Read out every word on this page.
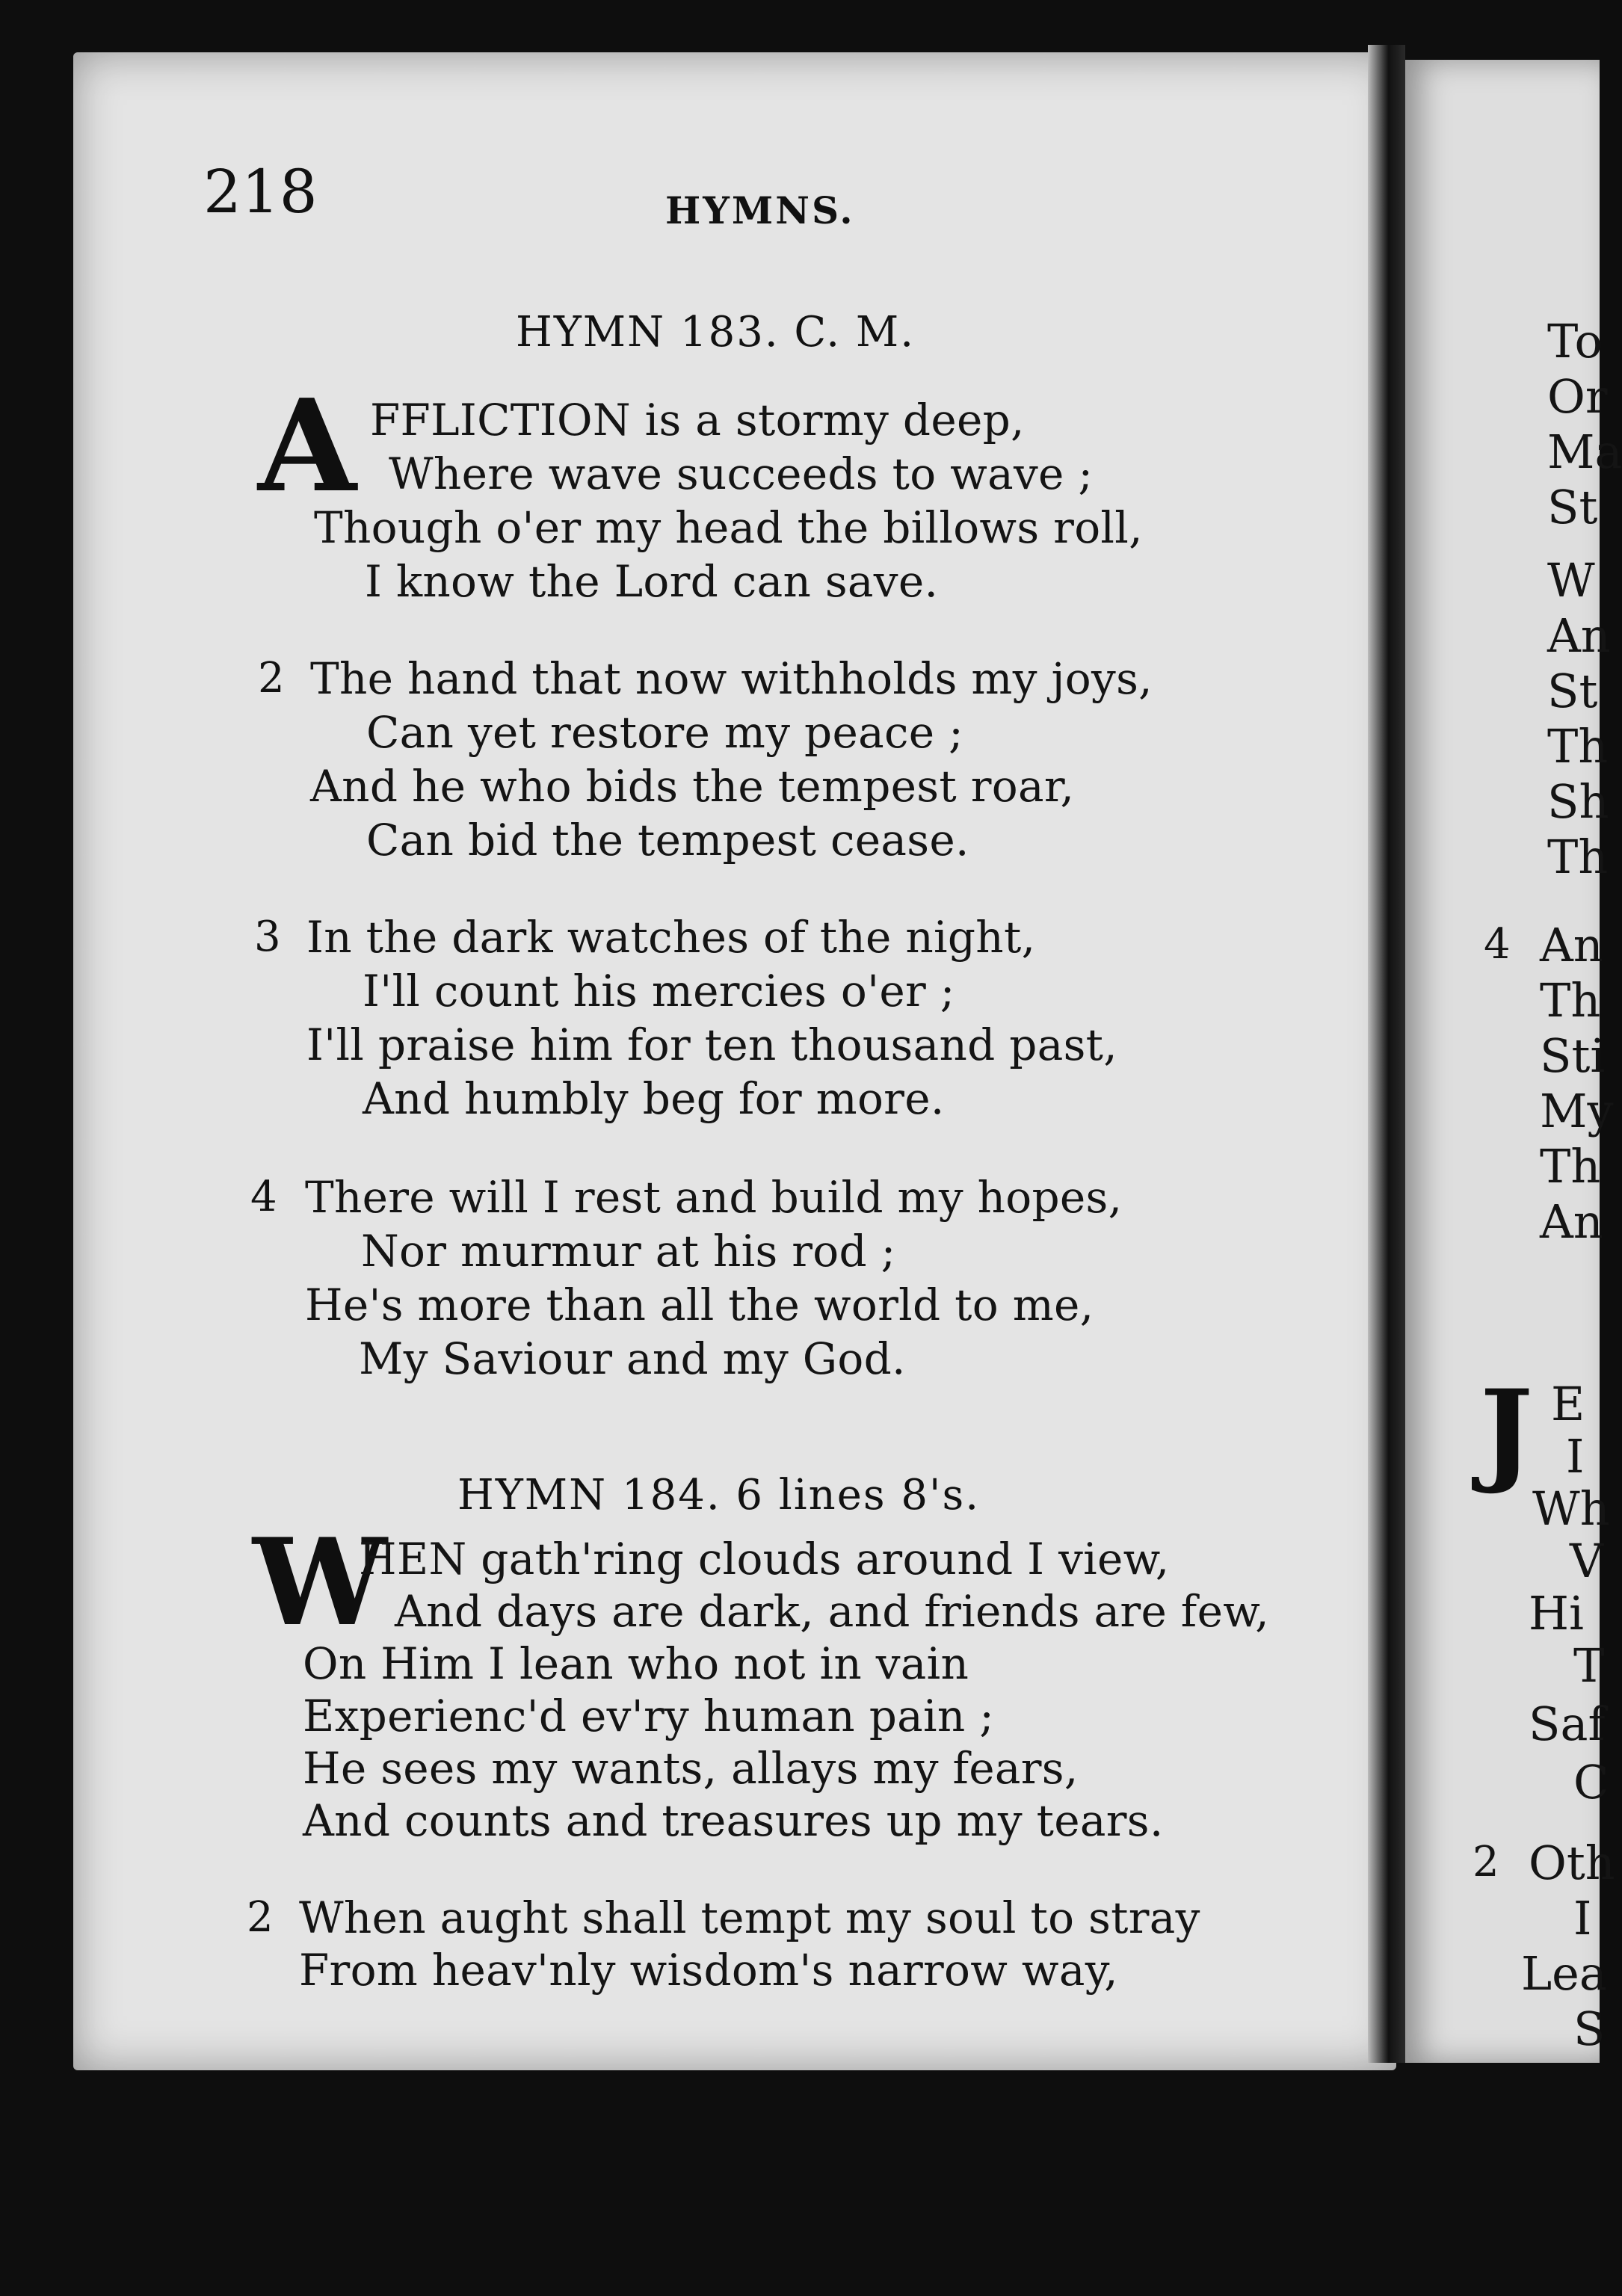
218	HYMNS.
HYMN 183. C. M.
A FFLICTION is a stormy deep,
Where wave succeeds to wave ;
Though o'er my head the billows roll,
I know the Lord can save.
2 The hand that now withholds my joys,
Can yet restore my peace ;
And he who bids the tempest roar,
Can bid the tempest cease.
3 In the dark watches of the night,
I'll count his mercies o'er ;
I'll praise him for ten thousand past,
And humbly beg for more.
4 There will I rest and build my hopes,
Nor murmur at his rod ;
He's more than all the world to me,
My Saviour and my God.
HYMN 184. 6 lines 8's.
W
HEN gath'ring clouds around I view,
And days are dark, and friends are few,
On Him I lean who not in vain
Experienc'd ev'ry human pain ;
He sees my wants, allays my fears,
And counts and treasures up my tears.
2 When aught shall tempt my soul to stray
From heav'nly wisdom's narrow way,
To
Or
Ma
St
W
An
St
Th
Sh
Th
4 An
Th
Sti
My
Th
An
J E
I
Wh
V
Hi
T
Saf
C
2 Oth
I
Lea
S
